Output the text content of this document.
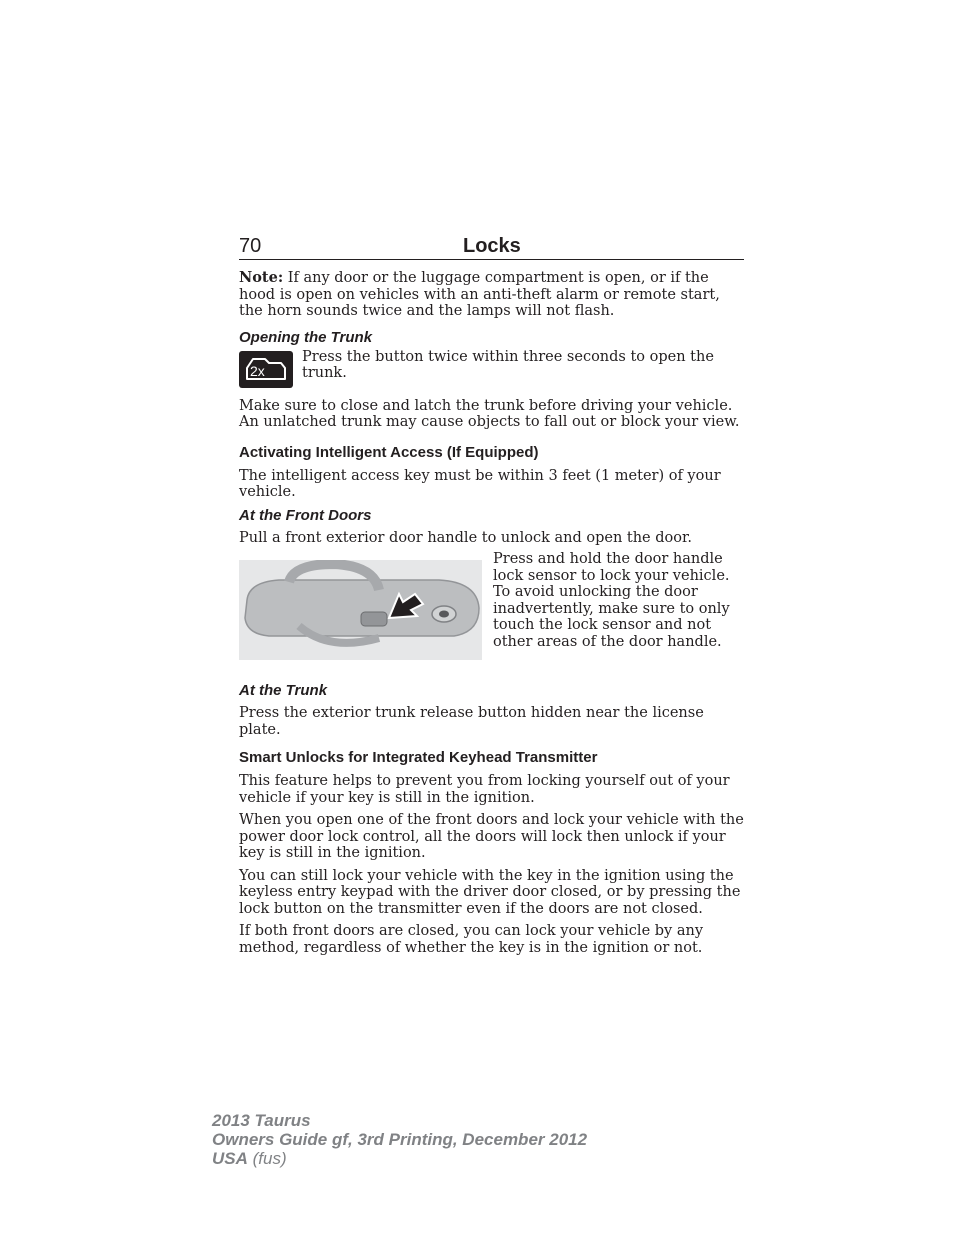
70	Locks

Note: If any door or the luggage compartment is open, or if the hood is open on vehicles with an anti-theft alarm or remote start, the horn sounds twice and the lamps will not flash.

Opening the Trunk
2x

Press the button twice within three seconds to open the trunk.

Make sure to close and latch the trunk before driving your vehicle. An unlatched trunk may cause objects to fall out or block your view.

Activating Intelligent Access (If Equipped)

The intelligent access key must be within 3 feet (1 meter) of your vehicle.

At the Front Doors

Pull a front exterior door handle to unlock and open the door.

Press and hold the door handle lock sensor to lock your vehicle. To avoid unlocking the door inadvertently, make sure to only touch the lock sensor and not other areas of the door handle.

At the Trunk

Press the exterior trunk release button hidden near the license plate.

Smart Unlocks for Integrated Keyhead Transmitter

This feature helps to prevent you from locking yourself out of your vehicle if your key is still in the ignition.

When you open one of the front doors and lock your vehicle with the power door lock control, all the doors will lock then unlock if your key is still in the ignition.

You can still lock your vehicle with the key in the ignition using the keyless entry keypad with the driver door closed, or by pressing the lock button on the transmitter even if the doors are not closed.

If both front doors are closed, you can lock your vehicle by any method, regardless of whether the key is in the ignition or not.

2013 Taurus
Owners Guide gf, 3rd Printing, December 2012
USA (fus)
